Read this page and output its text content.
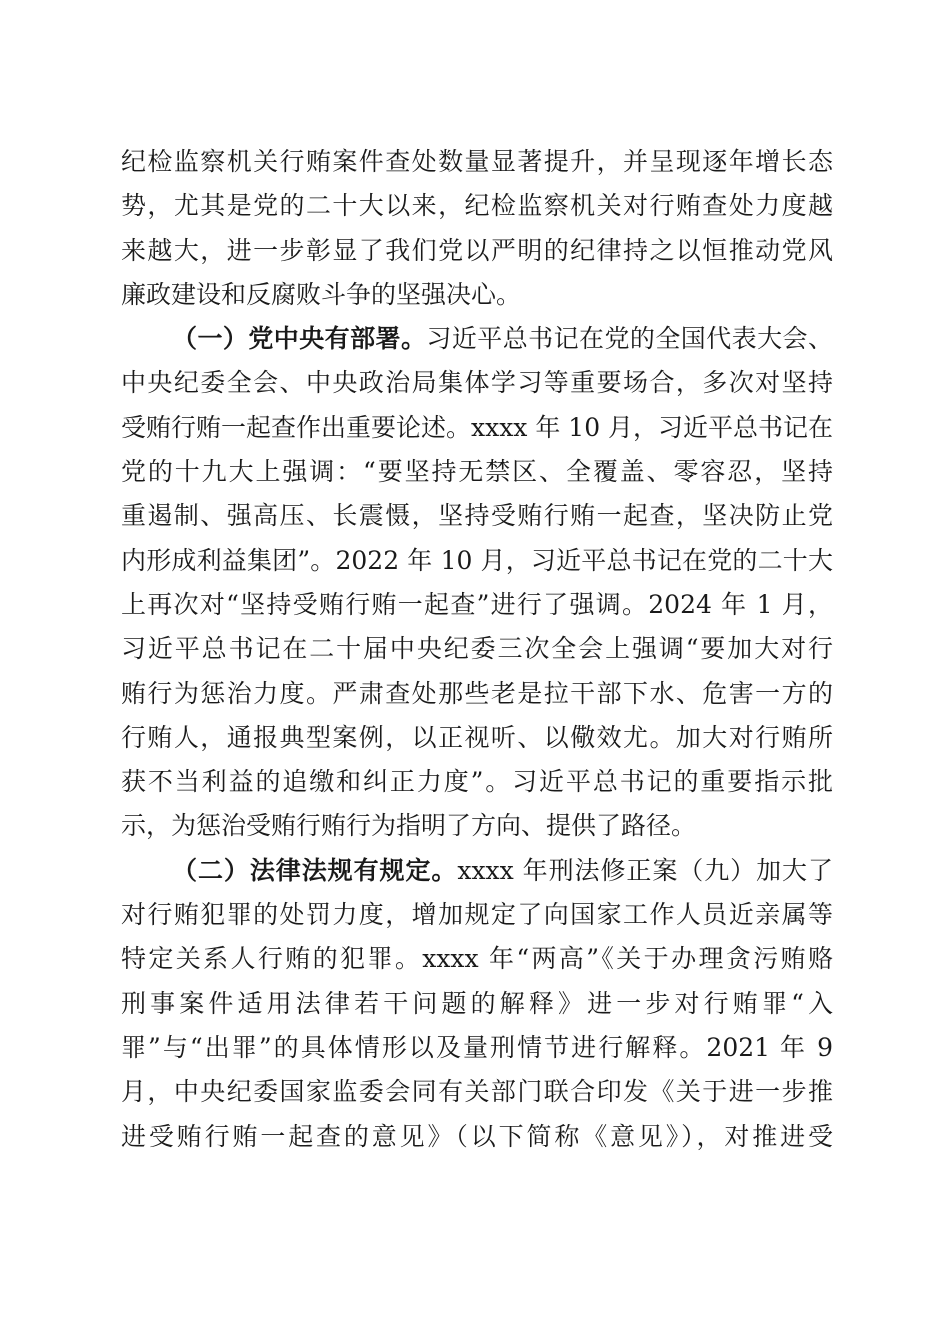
纪检监察机关行贿案件查处数量显著提升，并呈现逐年增长态
势，尤其是党的二十大以来，纪检监察机关对行贿查处力度越
来越大，进一步彰显了我们党以严明的纪律持之以恒推动党风
廉政建设和反腐败斗争的坚强决心。
（一）党中央有部署。习近平总书记在党的全国代表大会、
中央纪委全会、中央政治局集体学习等重要场合，多次对坚持
受贿行贿一起查作出重要论述。xxxx 年 10 月，习近平总书记在
党的十九大上强调：“要坚持无禁区、全覆盖、零容忍，坚持
重遏制、强高压、长震慑，坚持受贿行贿一起查，坚决防止党
内形成利益集团”。2022 年 10 月，习近平总书记在党的二十大
上再次对“坚持受贿行贿一起查”进行了强调。2024 年 1 月，
习近平总书记在二十届中央纪委三次全会上强调“要加大对行
贿行为惩治力度。严肃查处那些老是拉干部下水、危害一方的
行贿人，通报典型案例，以正视听、以儆效尤。加大对行贿所
获不当利益的追缴和纠正力度”。习近平总书记的重要指示批
示，为惩治受贿行贿行为指明了方向、提供了路径。
（二）法律法规有规定。xxxx 年刑法修正案（九）加大了
对行贿犯罪的处罚力度，增加规定了向国家工作人员近亲属等
特定关系人行贿的犯罪。xxxx 年“两高”《关于办理贪污贿赂
刑事案件适用法律若干问题的解释》进一步对行贿罪“入
罪”与“出罪”的具体情形以及量刑情节进行解释。2021 年 9
月，中央纪委国家监委会同有关部门联合印发《关于进一步推
进受贿行贿一起查的意见》（以下简称《意见》），对推进受
